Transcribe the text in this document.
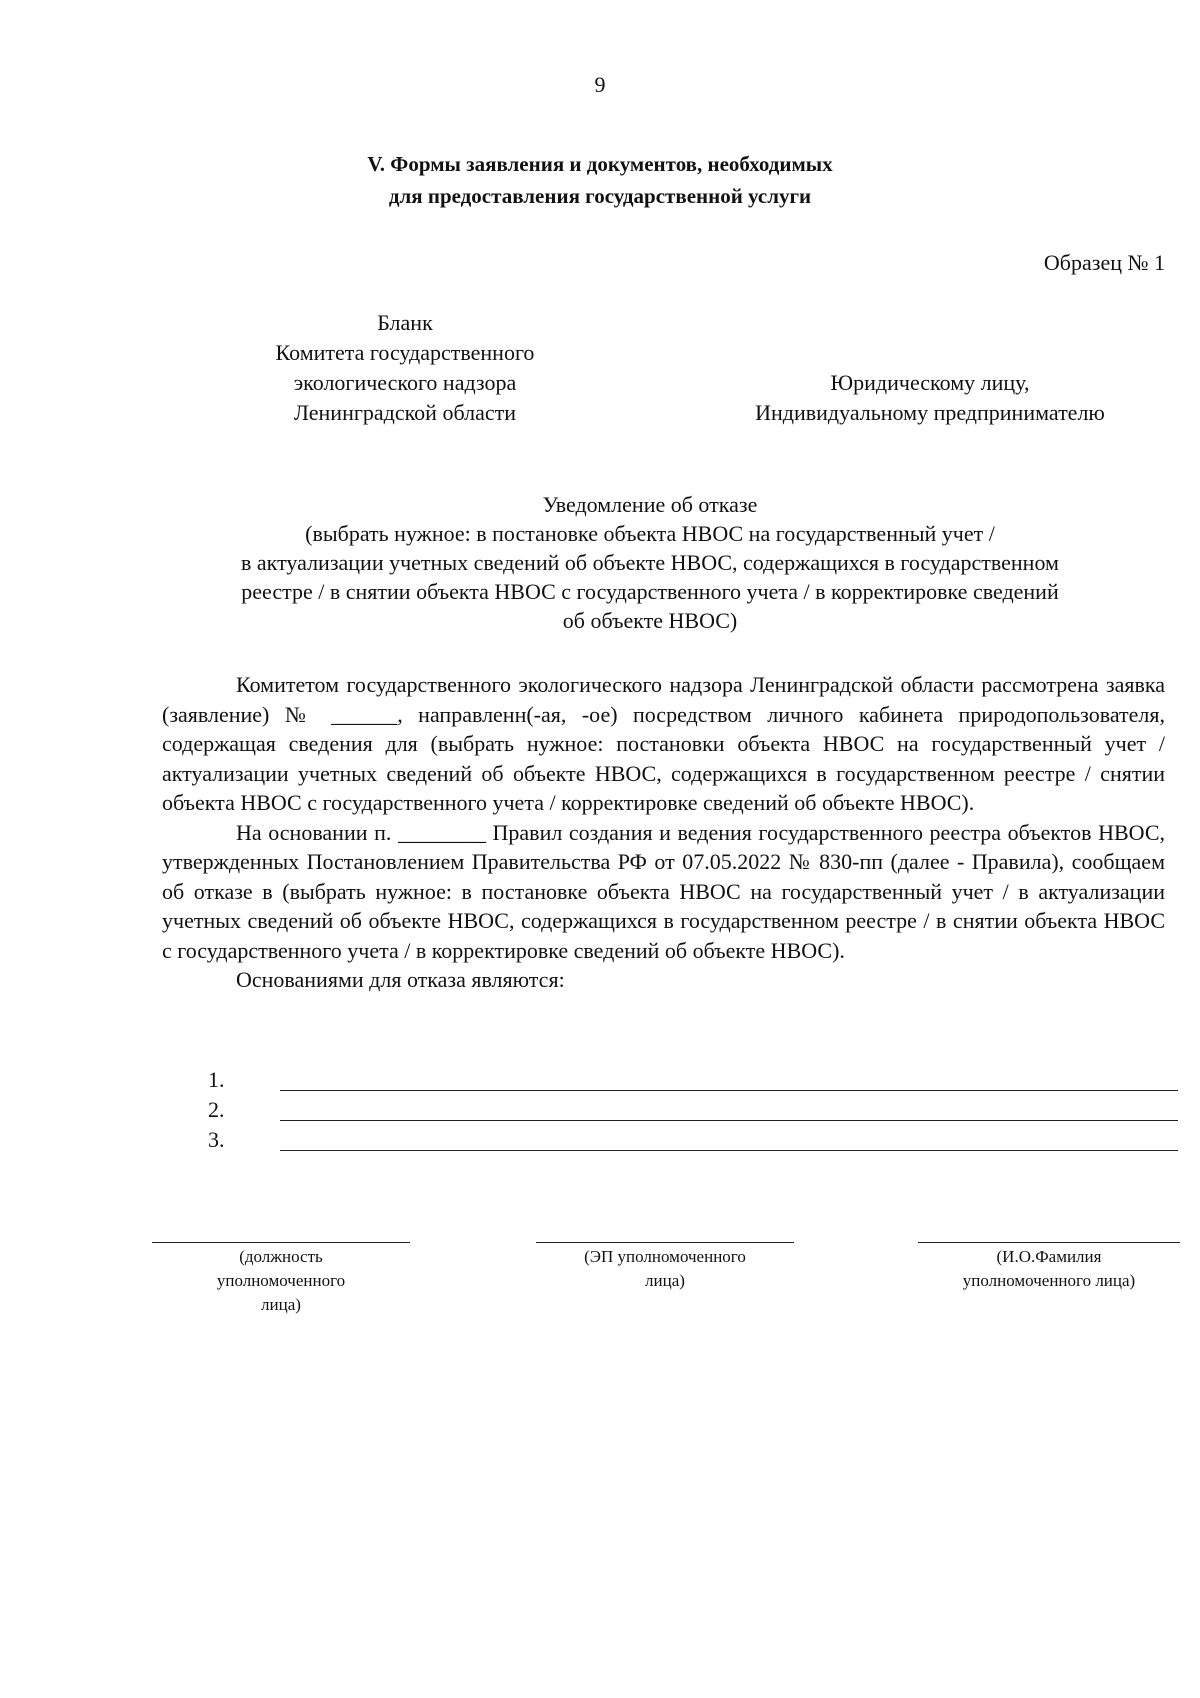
9
V. Формы заявления и документов, необходимых
для предоставления государственной услуги
Образец № 1
Бланк
Комитета государственного
экологического надзора
Ленинградской области
Юридическому лицу,
Индивидуальному предпринимателю
Уведомление об отказе
(выбрать нужное: в постановке объекта НВОС на государственный учет /
в актуализации учетных сведений об объекте НВОС, содержащихся в государственном
реестре / в снятии объекта НВОС с государственного учета / в корректировке сведений
об объекте НВОС)

Комитетом государственного экологического надзора Ленинградской области рассмотрена заявка (заявление) № ______, направленн(-ая, -ое) посредством личного кабинета природопользователя, содержащая сведения для (выбрать нужное: постановки объекта НВОС на государственный учет / актуализации учетных сведений об объекте НВОС, содержащихся в государственном реестре / снятии объекта НВОС с государственного учета / корректировке сведений об объекте НВОС).

На основании п. ________ Правил создания и ведения государственного реестра объектов НВОС, утвержденных Постановлением Правительства РФ от 07.05.2022 № 830-пп (далее - Правила), сообщаем об отказе в (выбрать нужное: в постановке объекта НВОС на государственный учет / в актуализации учетных сведений об объекте НВОС, содержащихся в государственном реестре / в снятии объекта НВОС с государственного учета / в корректировке сведений об объекте НВОС).

Основаниями для отказа являются:

1.
2.
3.
(должность
уполномоченного
лица)
(ЭП уполномоченного
лица)
(И.О.Фамилия
уполномоченного лица)
